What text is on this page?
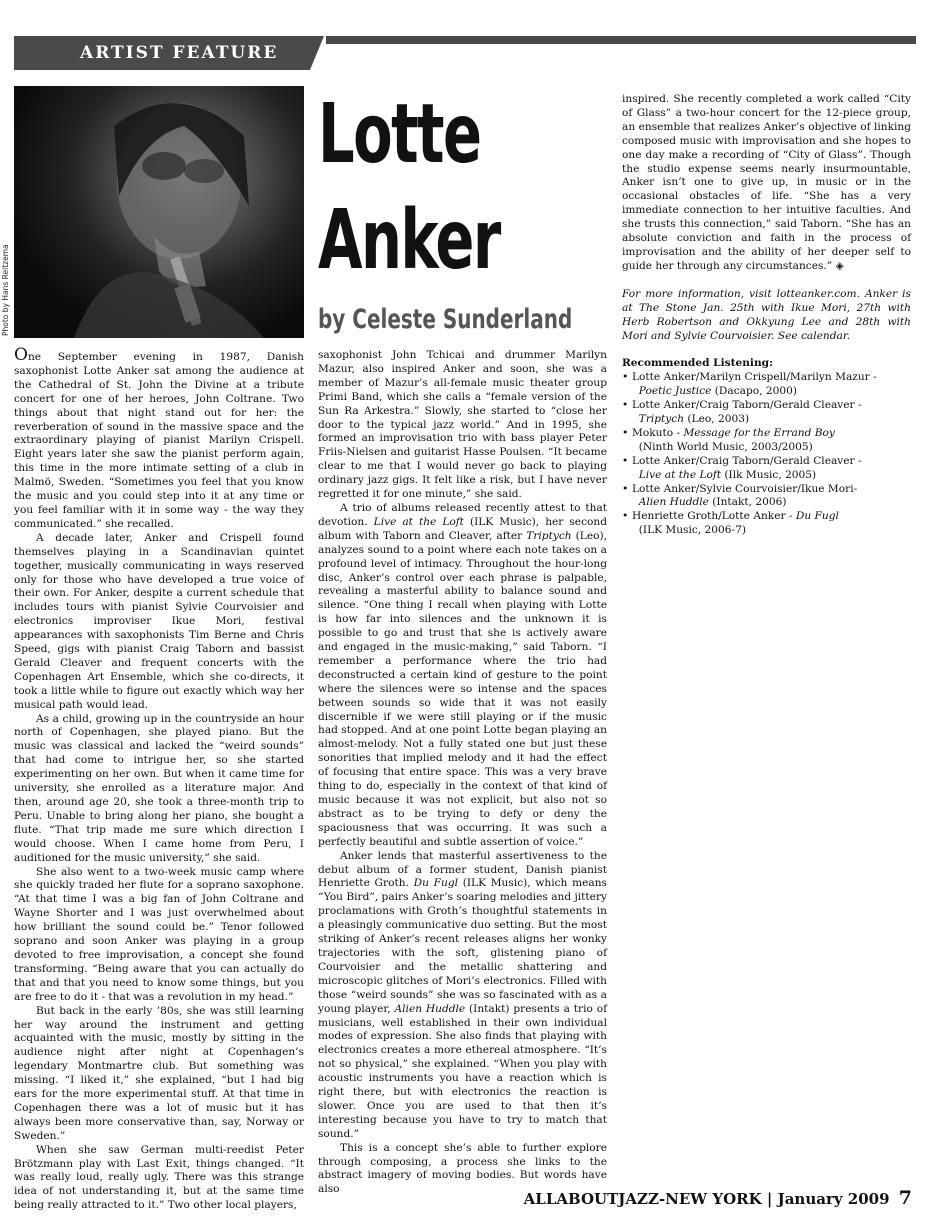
ARTIST FEATURE
Photo by Hans Reitzema
Lotte
Anker
by Celeste Sunderland

One September evening in 1987, Danish saxophonist Lotte Anker sat among the audience at the Cathedral of St. John the Divine at a tribute concert for one of her heroes, John Coltrane. Two things about that night stand out for her: the reverberation of sound in the massive space and the extraordinary playing of pianist Marilyn Crispell. Eight years later she saw the pianist perform again, this time in the more intimate setting of a club in Malmö, Sweden. “Sometimes you feel that you know the music and you could step into it at any time or you feel familiar with it in some way - the way they communicated.” she recalled.

A decade later, Anker and Crispell found themselves playing in a Scandinavian quintet together, musically communicating in ways reserved only for those who have developed a true voice of their own. For Anker, despite a current schedule that includes tours with pianist Sylvie Courvoisier and electronics improviser Ikue Mori, festival appearances with saxophonists Tim Berne and Chris Speed, gigs with pianist Craig Taborn and bassist Gerald Cleaver and frequent concerts with the Copenhagen Art Ensemble, which she co-directs, it took a little while to figure out exactly which way her musical path would lead.

As a child, growing up in the countryside an hour north of Copenhagen, she played piano. But the music was classical and lacked the “weird sounds” that had come to intrigue her, so she started experimenting on her own. But when it came time for university, she enrolled as a literature major. And then, around age 20, she took a three-month trip to Peru. Unable to bring along her piano, she bought a flute. “That trip made me sure which direction I would choose. When I came home from Peru, I auditioned for the music university,” she said.

She also went to a two-week music camp where she quickly traded her flute for a soprano saxophone. “At that time I was a big fan of John Coltrane and Wayne Shorter and I was just overwhelmed about how brilliant the sound could be.” Tenor followed soprano and soon Anker was playing in a group devoted to free improvisation, a concept she found transforming. “Being aware that you can actually do that and that you need to know some things, but you are free to do it - that was a revolution in my head.”

But back in the early ’80s, she was still learning her way around the instrument and getting acquainted with the music, mostly by sitting in the audience night after night at Copenhagen’s legendary Montmartre club. But something was missing. “I liked it,” she explained, “but I had big ears for the more experimental stuff. At that time in Copenhagen there was a lot of music but it has always been more conservative than, say, Norway or Sweden.”

When she saw German multi-reedist Peter Brötzmann play with Last Exit, things changed. “It was really loud, really ugly. There was this strange idea of not understanding it, but at the same time being really attracted to it.” Two other local players,

saxophonist John Tchicai and drummer Marilyn Mazur, also inspired Anker and soon, she was a member of Mazur’s all-female music theater group Primi Band, which she calls a “female version of the Sun Ra Arkestra.” Slowly, she started to “close her door to the typical jazz world.” And in 1995, she formed an improvisation trio with bass player Peter Friis-Nielsen and guitarist Hasse Poulsen. “It became clear to me that I would never go back to playing ordinary jazz gigs. It felt like a risk, but I have never regretted it for one minute,” she said.

A trio of albums released recently attest to that devotion. Live at the Loft (ILK Music), her second album with Taborn and Cleaver, after Triptych (Leo), analyzes sound to a point where each note takes on a profound level of intimacy. Throughout the hour-long disc, Anker’s control over each phrase is palpable, revealing a masterful ability to balance sound and silence. “One thing I recall when playing with Lotte is how far into silences and the unknown it is possible to go and trust that she is actively aware and engaged in the music-making,” said Taborn. “I remember a performance where the trio had deconstructed a certain kind of gesture to the point where the silences were so intense and the spaces between sounds so wide that it was not easily discernible if we were still playing or if the music had stopped. And at one point Lotte began playing an almost-melody. Not a fully stated one but just these sonorities that implied melody and it had the effect of focusing that entire space. This was a very brave thing to do, especially in the context of that kind of music because it was not explicit, but also not so abstract as to be trying to defy or deny the spaciousness that was occurring. It was such a perfectly beautiful and subtle assertion of voice.”

Anker lends that masterful assertiveness to the debut album of a former student, Danish pianist Henriette Groth. Du Fugl (ILK Music), which means “You Bird”, pairs Anker’s soaring melodies and jittery proclamations with Groth’s thoughtful statements in a pleasingly communicative duo setting. But the most striking of Anker’s recent releases aligns her wonky trajectories with the soft, glistening piano of Courvoisier and the metallic shattering and microscopic glitches of Mori’s electronics. Filled with those “weird sounds” she was so fascinated with as a young player, Alien Huddle (Intakt) presents a trio of musicians, well established in their own individual modes of expression. She also finds that playing with electronics creates a more ethereal atmosphere. “It’s not so physical,” she explained. “When you play with acoustic instruments you have a reaction which is right there, but with electronics the reaction is slower. Once you are used to that then it’s interesting because you have to try to match that sound.”

This is a concept she’s able to further explore through composing, a process she links to the abstract imagery of moving bodies. But words have also

inspired. She recently completed a work called “City of Glass” a two-hour concert for the 12-piece group, an ensemble that realizes Anker’s objective of linking composed music with improvisation and she hopes to one day make a recording of “City of Glass”. Though the studio expense seems nearly insurmountable, Anker isn’t one to give up, in music or in the occasional obstacles of life. “She has a very immediate connection to her intuitive faculties. And she trusts this connection,” said Taborn. “She has an absolute conviction and faith in the process of improvisation and the ability of her deeper self to guide her through any circumstances.” ◈

For more information, visit lotteanker.com. Anker is at The Stone Jan. 25th with Ikue Mori, 27th with Herb Robertson and Okkyung Lee and 28th with Mori and Sylvie Courvoisier. See calendar.

Recommended Listening:
• Lotte Anker/Marilyn Crispell/Marilyn Mazur -
Poetic Justice (Dacapo, 2000)
• Lotte Anker/Craig Taborn/Gerald Cleaver -
Triptych (Leo, 2003)
• Mokuto - Message for the Errand Boy
(Ninth World Music, 2003/2005)
• Lotte Anker/Craig Taborn/Gerald Cleaver -
Live at the Loft (Ilk Music, 2005)
• Lotte Anker/Sylvie Courvoisier/Ikue Mori-
Alien Huddle (Intakt, 2006)
• Henriette Groth/Lotte Anker - Du Fugl
(ILK Music, 2006-7)
ALLABOUTJAZZ-NEW YORK | January 2009 7
